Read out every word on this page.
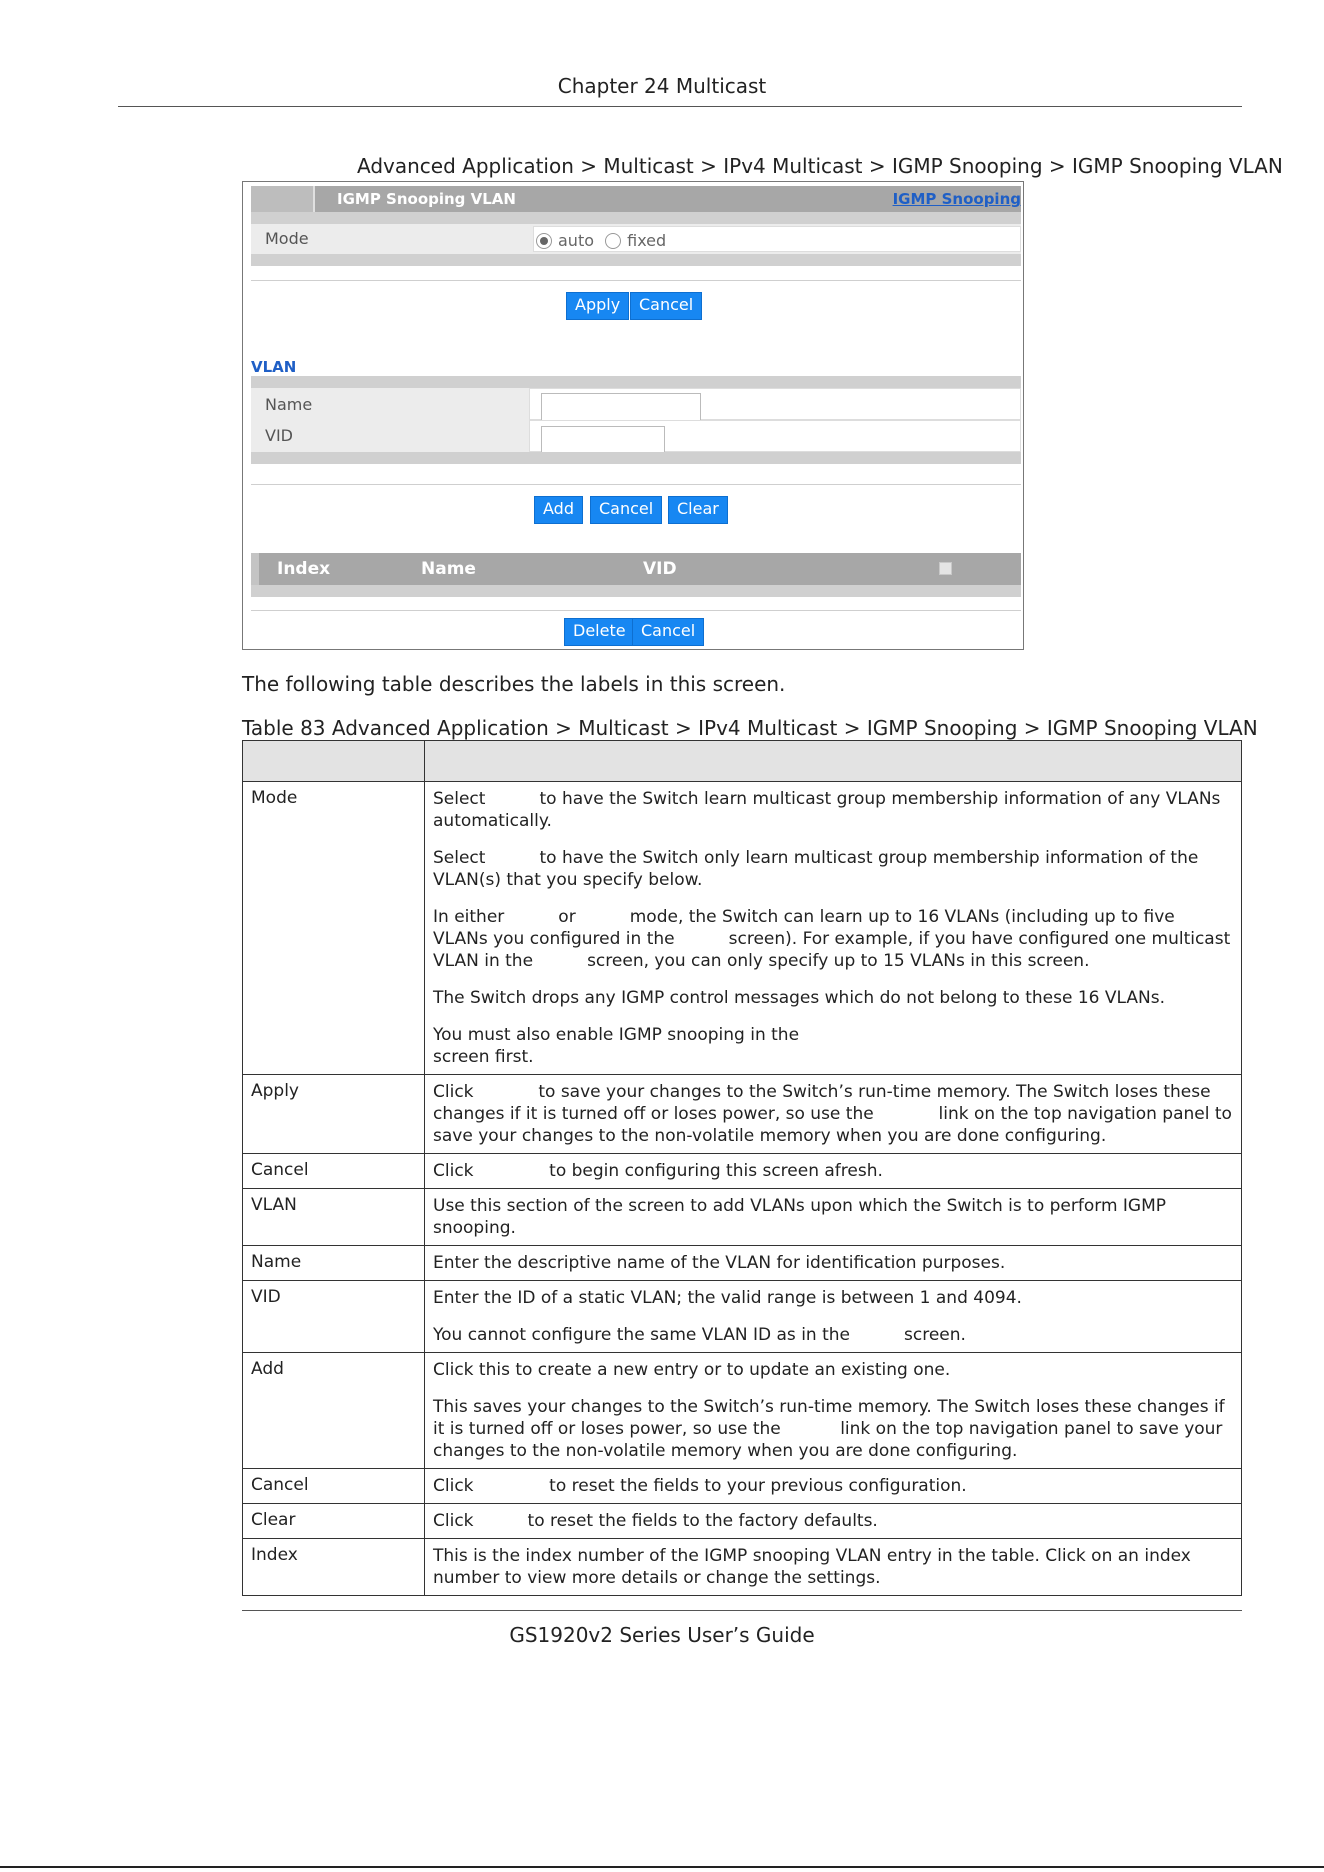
Chapter 24 Multicast
Advanced Application > Multicast > IPv4 Multicast > IGMP Snooping > IGMP Snooping VLAN
IGMP Snooping VLAN	IGMP Snooping
Mode	auto fixed
Apply	Cancel
VLAN
Name
VID
Add	Cancel	Clear
Index	Name	VID
Delete Cancel
The following table describes the labels in this screen.
Table 83 Advanced Application > Multicast > IPv4 Multicast > IGMP Snooping > IGMP Snooping VLAN

Mode	Select          to have the Switch learn multicast group membership information of any VLANs automatically.

Select          to have the Switch only learn multicast group membership information of the VLAN(s) that you specify below.

In either          or          mode, the Switch can learn up to 16 VLANs (including up to five VLANs you configured in the          screen). For example, if you have configured one multicast VLAN in the          screen, you can only specify up to 15 VLANs in this screen.

The Switch drops any IGMP control messages which do not belong to these 16 VLANs.

You must also enable IGMP snooping in the                                                                             screen first.

Apply	Click            to save your changes to the Switch’s run-time memory. The Switch loses these changes if it is turned off or loses power, so use the            link on the top navigation panel to save your changes to the non-volatile memory when you are done configuring.

Cancel	Click              to begin configuring this screen afresh.

VLAN	Use this section of the screen to add VLANs upon which the Switch is to perform IGMP snooping.

Name	Enter the descriptive name of the VLAN for identification purposes.

VID	Enter the ID of a static VLAN; the valid range is between 1 and 4094.

You cannot configure the same VLAN ID as in the          screen.

Add	Click this to create a new entry or to update an existing one.

This saves your changes to the Switch’s run-time memory. The Switch loses these changes if it is turned off or loses power, so use the           link on the top navigation panel to save your changes to the non-volatile memory when you are done configuring.

Cancel	Click              to reset the fields to your previous configuration.

Clear	Click          to reset the fields to the factory defaults.

Index	This is the index number of the IGMP snooping VLAN entry in the table. Click on an index number to view more details or change the settings.

GS1920v2 Series User’s Guide
